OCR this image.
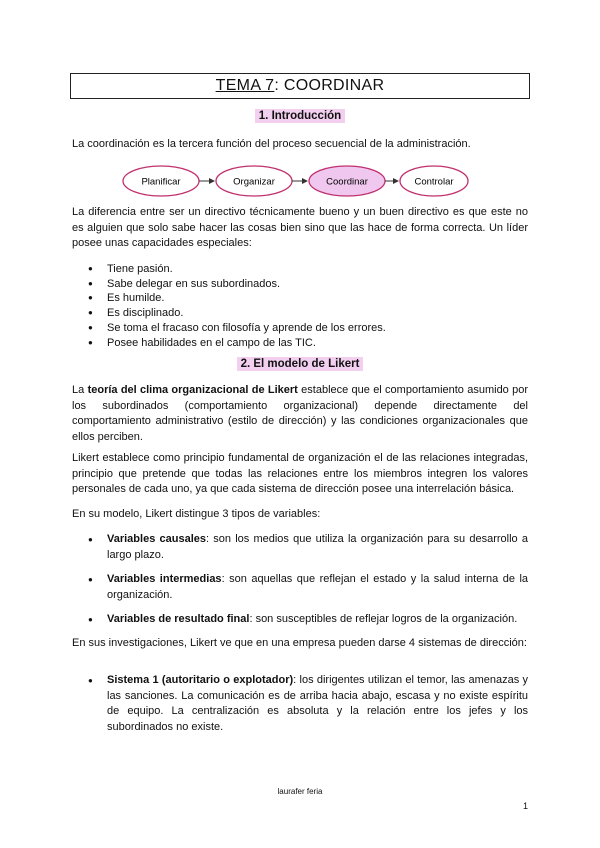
TEMA 7 : COORDINAR
1. Introducción

La coordinación es la tercera función del proceso secuencial de la administración.

Planificar	Organizar	Coordinar	Controlar

La diferencia entre ser un directivo técnicamente bueno y un buen directivo es que este no es alguien que solo sabe hacer las cosas bien sino que las hace de forma correcta. Un líder posee unas capacidades especiales:

● Tiene pasión.
● Sabe delegar en sus subordinados.
● Es humilde.
● Es disciplinado.
● Se toma el fracaso con filosofía y aprende de los errores.
● Posee habilidades en el campo de las TIC.
2. El modelo de Likert

La teoría del clima organizacional de Likert establece que el comportamiento asumido por los subordinados (comportamiento organizacional) depende directamente del comportamiento administrativo (estilo de dirección) y las condiciones organizacionales que ellos perciben.

Likert establece como principio fundamental de organización el de las relaciones integradas, principio que pretende que todas las relaciones entre los miembros integren los valores personales de cada uno, ya que cada sistema de dirección posee una interrelación básica.

En su modelo, Likert distingue 3 tipos de variables:

● Variables causales: son los medios que utiliza la organización para su desarrollo a largo plazo.
● Variables intermedias: son aquellas que reflejan el estado y la salud interna de la organización.
● Variables de resultado final: son susceptibles de reflejar logros de la organización.

En sus investigaciones, Likert ve que en una empresa pueden darse 4 sistemas de dirección:

● Sistema 1 (autoritario o explotador): los dirigentes utilizan el temor, las amenazas y las sanciones. La comunicación es de arriba hacia abajo, escasa y no existe espíritu de equipo. La centralización es absoluta y la relación entre los jefes y los subordinados no existe.
laurafer feria
1
